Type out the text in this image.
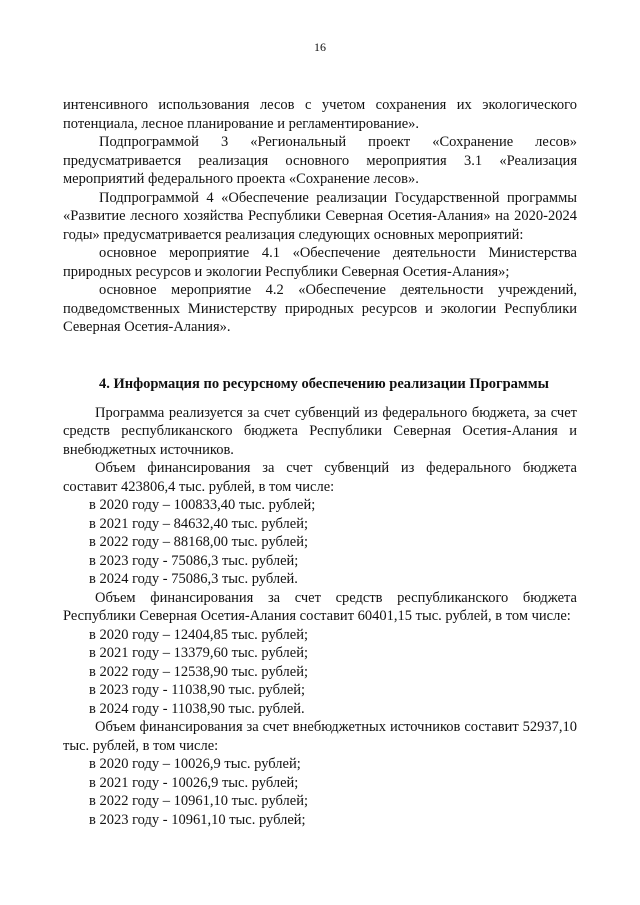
16

интенсивного использования лесов с учетом сохранения их экологического потенциала, лесное планирование и регламентирование».

Подпрограммой 3 «Региональный проект «Сохранение лесов» предусматривается реализация основного мероприятия 3.1 «Реализация мероприятий федерального проекта «Сохранение лесов».

Подпрограммой 4 «Обеспечение реализации Государственной программы «Развитие лесного хозяйства Республики Северная Осетия-Алания» на 2020-2024 годы» предусматривается реализация следующих основных мероприятий:

основное мероприятие 4.1 «Обеспечение деятельности Министерства природных ресурсов и экологии Республики Северная Осетия-Алания»;

основное мероприятие 4.2 «Обеспечение деятельности учреждений, подведомственных Министерству природных ресурсов и экологии Республики Северная Осетия-Алания».

4. Информация по ресурсному обеспечению реализации Программы

Программа реализуется за счет субвенций из федерального бюджета, за счет средств республиканского бюджета Республики Северная Осетия-Алания и внебюджетных источников.

Объем финансирования за счет субвенций из федерального бюджета составит 423806,4 тыс. рублей, в том числе:

в 2020 году – 100833,40 тыс. рублей;
в 2021 году – 84632,40 тыс. рублей;
в 2022 году – 88168,00 тыс. рублей;
в 2023 году - 75086,3 тыс. рублей;
в 2024 году - 75086,3 тыс. рублей.

Объем финансирования за счет средств республиканского бюджета Республики Северная Осетия-Алания составит 60401,15 тыс. рублей, в том числе:

в 2020 году – 12404,85 тыс. рублей;
в 2021 году – 13379,60 тыс. рублей;
в 2022 году – 12538,90 тыс. рублей;
в 2023 году - 11038,90 тыс. рублей;
в 2024 году - 11038,90 тыс. рублей.

Объем финансирования за счет внебюджетных источников составит 52937,10 тыс. рублей, в том числе:

в 2020 году – 10026,9 тыс. рублей;
в 2021 году - 10026,9 тыс. рублей;
в 2022 году – 10961,10 тыс. рублей;
в 2023 году - 10961,10 тыс. рублей;
